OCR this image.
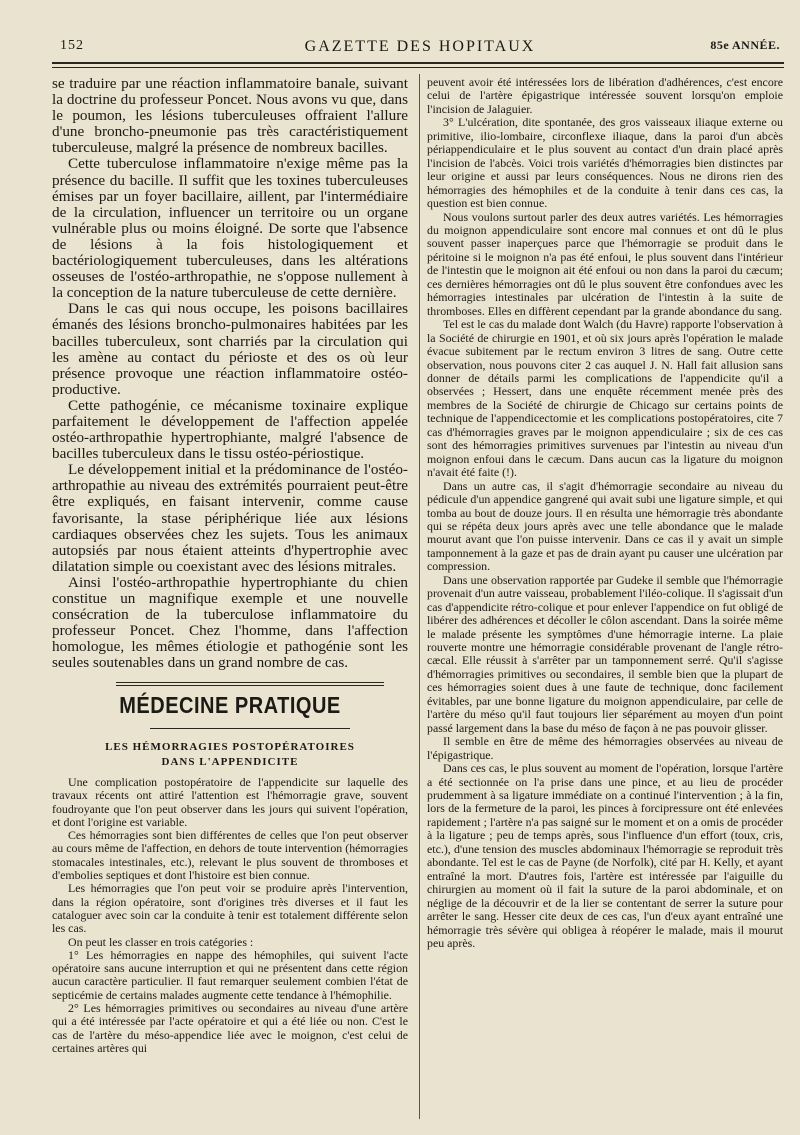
152	GAZETTE DES HOPITAUX	85e ANNÉE.

se traduire par une réaction inflammatoire banale, suivant la doctrine du professeur Poncet. Nous avons vu que, dans le poumon, les lésions tuberculeuses offraient l'allure d'une broncho-pneumonie pas très caractéristiquement tuberculeuse, malgré la présence de nombreux bacilles.

Cette tuberculose inflammatoire n'exige même pas la présence du bacille. Il suffit que les toxines tuberculeuses émises par un foyer bacillaire, aillent, par l'intermédiaire de la circulation, influencer un territoire ou un organe vulnérable plus ou moins éloigné. De sorte que l'absence de lésions à la fois histologiquement et bactériologiquement tuberculeuses, dans les altérations osseuses de l'ostéo-arthropathie, ne s'oppose nullement à la conception de la nature tuberculeuse de cette dernière.

Dans le cas qui nous occupe, les poisons bacillaires émanés des lésions broncho-pulmonaires habitées par les bacilles tuberculeux, sont charriés par la circulation qui les amène au contact du périoste et des os où leur présence provoque une réaction inflammatoire ostéo-productive.

Cette pathogénie, ce mécanisme toxinaire explique parfaitement le développement de l'affection appelée ostéo-arthropathie hypertrophiante, malgré l'absence de bacilles tuberculeux dans le tissu ostéo-périostique.

Le développement initial et la prédominance de l'ostéo-arthropathie au niveau des extrémités pourraient peut-être être expliqués, en faisant intervenir, comme cause favorisante, la stase périphérique liée aux lésions cardiaques observées chez les sujets. Tous les animaux autopsiés par nous étaient atteints d'hypertrophie avec dilatation simple ou coexistant avec des lésions mitrales.

Ainsi l'ostéo-arthropathie hypertrophiante du chien constitue un magnifique exemple et une nouvelle consécration de la tuberculose inflammatoire du professeur Poncet. Chez l'homme, dans l'affection homologue, les mêmes étiologie et pathogénie sont les seules soutenables dans un grand nombre de cas.

MÉDECINE PRATIQUE
LES HÉMORRAGIES POSTOPÉRATOIRES
DANS L'APPENDICITE

Une complication postopératoire de l'appendicite sur laquelle des travaux récents ont attiré l'attention est l'hémorragie grave, souvent foudroyante que l'on peut observer dans les jours qui suivent l'opération, et dont l'origine est variable.

Ces hémorragies sont bien différentes de celles que l'on peut observer au cours même de l'affection, en dehors de toute intervention (hémorragies stomacales intestinales, etc.), relevant le plus souvent de thromboses et d'embolies septiques et dont l'histoire est bien connue.

Les hémorragies que l'on peut voir se produire après l'intervention, dans la région opératoire, sont d'origines très diverses et il faut les cataloguer avec soin car la conduite à tenir est totalement différente selon les cas.

On peut les classer en trois catégories :

1° Les hémorragies en nappe des hémophiles, qui suivent l'acte opératoire sans aucune interruption et qui ne présentent dans cette région aucun caractère particulier. Il faut remarquer seulement combien l'état de septicémie de certains malades augmente cette tendance à l'hémophilie.

2° Les hémorragies primitives ou secondaires au niveau d'une artère qui a été intéressée par l'acte opératoire et qui a été liée ou non. C'est le cas de l'artère du méso-appendice liée avec le moignon, c'est celui de certaines artères qui

peuvent avoir été intéressées lors de libération d'adhérences, c'est encore celui de l'artère épigastrique intéressée souvent lorsqu'on emploie l'incision de Jalaguier.

3° L'ulcération, dite spontanée, des gros vaisseaux iliaque externe ou primitive, ilio-lombaire, circonflexe iliaque, dans la paroi d'un abcès périappendiculaire et le plus souvent au contact d'un drain placé après l'incision de l'abcès. Voici trois variétés d'hémorragies bien distinctes par leur origine et aussi par leurs conséquences. Nous ne dirons rien des hémorragies des hémophiles et de la conduite à tenir dans ces cas, la question est bien connue.

Nous voulons surtout parler des deux autres variétés. Les hémorragies du moignon appendiculaire sont encore mal connues et ont dû le plus souvent passer inaperçues parce que l'hémorragie se produit dans le péritoine si le moignon n'a pas été enfoui, le plus souvent dans l'intérieur de l'intestin que le moignon ait été enfoui ou non dans la paroi du cæcum; ces dernières hémorragies ont dû le plus souvent être confondues avec les hémorragies intestinales par ulcération de l'intestin à la suite de thromboses. Elles en diffèrent cependant par la grande abondance du sang.

Tel est le cas du malade dont Walch (du Havre) rapporte l'observation à la Société de chirurgie en 1901, et où six jours après l'opération le malade évacue subitement par le rectum environ 3 litres de sang. Outre cette observation, nous pouvons citer 2 cas auquel J. N. Hall fait allusion sans donner de détails parmi les complications de l'appendicite qu'il a observées ; Hessert, dans une enquête récemment menée près des membres de la Société de chirurgie de Chicago sur certains points de technique de l'appendicectomie et les complications postopératoires, cite 7 cas d'hémorragies graves par le moignon appendiculaire ; six de ces cas sont des hémorragies primitives survenues par l'intestin au niveau d'un moignon enfoui dans le cæcum. Dans aucun cas la ligature du moignon n'avait été faite (!).

Dans un autre cas, il s'agit d'hémorragie secondaire au niveau du pédicule d'un appendice gangrené qui avait subi une ligature simple, et qui tomba au bout de douze jours. Il en résulta une hémorragie très abondante qui se répéta deux jours après avec une telle abondance que le malade mourut avant que l'on puisse intervenir. Dans ce cas il y avait un simple tamponnement à la gaze et pas de drain ayant pu causer une ulcération par compression.

Dans une observation rapportée par Gudeke il semble que l'hémorragie provenait d'un autre vaisseau, probablement l'iléo-colique. Il s'agissait d'un cas d'appendicite rétro-colique et pour enlever l'appendice on fut obligé de libérer des adhérences et décoller le côlon ascendant. Dans la soirée même le malade présente les symptômes d'une hémorragie interne. La plaie rouverte montre une hémorragie considérable provenant de l'angle rétro-cæcal. Elle réussit à s'arrêter par un tamponnement serré. Qu'il s'agisse d'hémorragies primitives ou secondaires, il semble bien que la plupart de ces hémorragies soient dues à une faute de technique, donc facilement évitables, par une bonne ligature du moignon appendiculaire, par celle de l'artère du méso qu'il faut toujours lier séparément au moyen d'un point passé largement dans la base du méso de façon à ne pas pouvoir glisser.

Il semble en être de même des hémorragies observées au niveau de l'épigastrique.

Dans ces cas, le plus souvent au moment de l'opération, lorsque l'artère a été sectionnée on l'a prise dans une pince, et au lieu de procéder prudemment à sa ligature immédiate on a continué l'intervention ; à la fin, lors de la fermeture de la paroi, les pinces à forcipressure ont été enlevées rapidement ; l'artère n'a pas saigné sur le moment et on a omis de procéder à la ligature ; peu de temps après, sous l'influence d'un effort (toux, cris, etc.), d'une tension des muscles abdominaux l'hémorragie se reproduit très abondante. Tel est le cas de Payne (de Norfolk), cité par H. Kelly, et ayant entraîné la mort. D'autres fois, l'artère est intéressée par l'aiguille du chirurgien au moment où il fait la suture de la paroi abdominale, et on néglige de la découvrir et de la lier se contentant de serrer la suture pour arrêter le sang. Hesser cite deux de ces cas, l'un d'eux ayant entraîné une hémorragie très sévère qui obligea à réopérer le malade, mais il mourut peu après.
